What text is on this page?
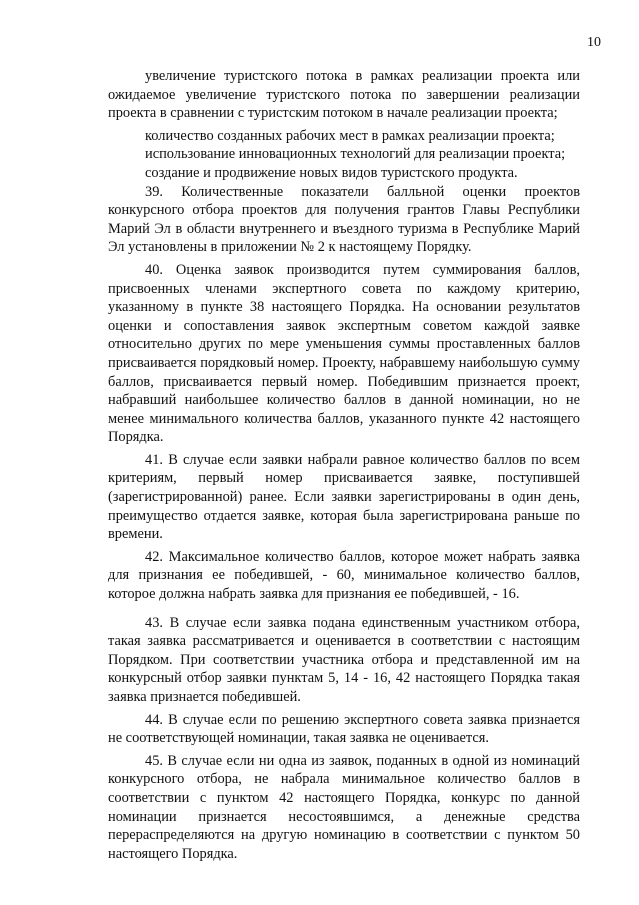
10

увеличение туристского потока в рамках реализации проекта или ожидаемое увеличение туристского потока по завершении реализации проекта в сравнении с туристским потоком в начале реализации проекта;

количество созданных рабочих мест в рамках реализации проекта;

использование инновационных технологий для реализации проекта;

создание и продвижение новых видов туристского продукта.

39. Количественные показатели балльной оценки проектов конкурсного отбора проектов для получения грантов Главы Республики Марий Эл в области внутреннего и въездного туризма в Республике Марий Эл установлены в приложении № 2 к настоящему Порядку.

40. Оценка заявок производится путем суммирования баллов, присвоенных членами экспертного совета по каждому критерию, указанному в пункте 38 настоящего Порядка. На основании результатов оценки и сопоставления заявок экспертным советом каждой заявке относительно других по мере уменьшения суммы проставленных баллов присваивается порядковый номер. Проекту, набравшему наибольшую сумму баллов, присваивается первый номер. Победившим признается проект, набравший наибольшее количество баллов в данной номинации, но не менее минимального количества баллов, указанного пункте 42 настоящего Порядка.

41. В случае если заявки набрали равное количество баллов по всем критериям, первый номер присваивается заявке, поступившей (зарегистрированной) ранее. Если заявки зарегистрированы в один день, преимущество отдается заявке, которая была зарегистрирована раньше по времени.

42. Максимальное количество баллов, которое может набрать заявка для признания ее победившей, - 60, минимальное количество баллов, которое должна набрать заявка для признания ее победившей, - 16.

43. В случае если заявка подана единственным участником отбора, такая заявка рассматривается и оценивается в соответствии с настоящим Порядком. При соответствии участника отбора и представленной им на конкурсный отбор заявки пунктам 5, 14 - 16, 42 настоящего Порядка такая заявка признается победившей.

44. В случае если по решению экспертного совета заявка признается не соответствующей номинации, такая заявка не оценивается.

45. В случае если ни одна из заявок, поданных в одной из номинаций конкурсного отбора, не набрала минимальное количество баллов в соответствии с пунктом 42 настоящего Порядка, конкурс по данной номинации признается несостоявшимся, а денежные средства перераспределяются на другую номинацию в соответствии с пунктом 50 настоящего Порядка.
